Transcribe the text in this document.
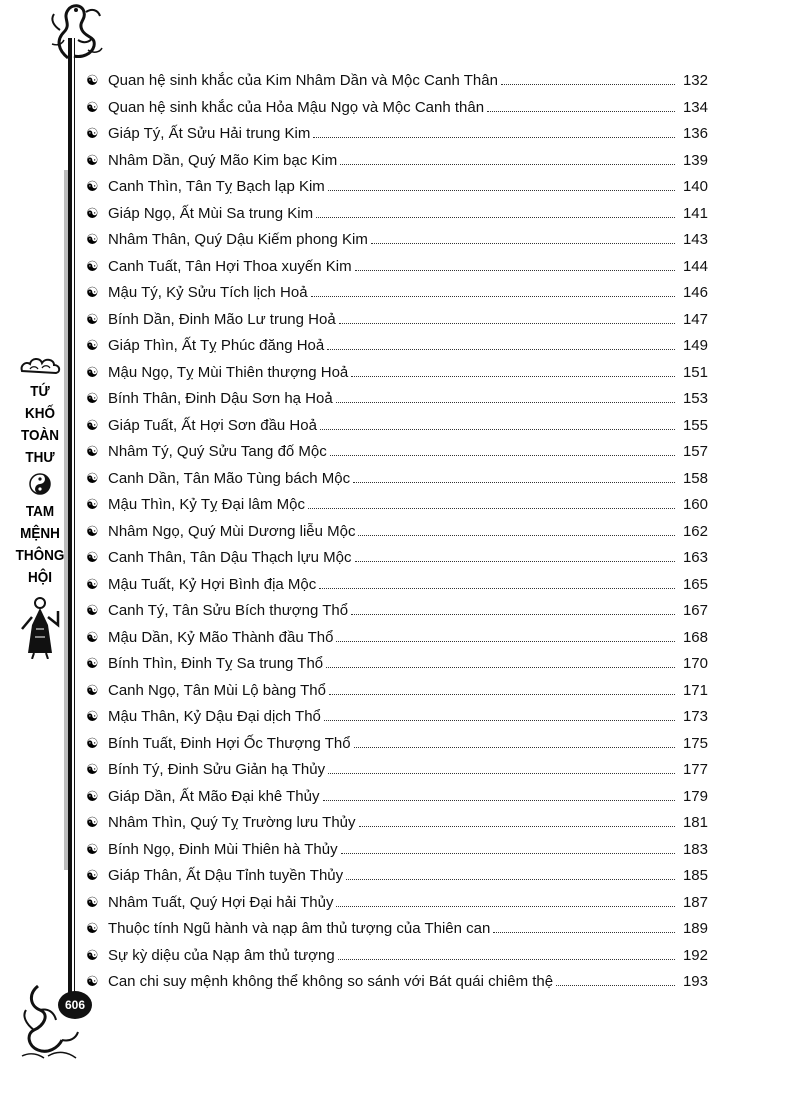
TỨ
KHỐ
TOÀN
THƯ
TAM
MỆNH
THÔNG
HỘI
606
☯ Quan hệ sinh khắc của Kim Nhâm Dần và Mộc Canh Thân	132
☯ Quan hệ sinh khắc của Hỏa Mậu Ngọ và Mộc Canh thân	134
☯ Giáp Tý, Ất Sửu Hải trung Kim	136
☯ Nhâm Dần, Quý Mão Kim bạc Kim	139
☯ Canh Thìn, Tân Tỵ Bạch lạp Kim	140
☯ Giáp Ngọ, Ất Mùi Sa trung Kim	141
☯ Nhâm Thân, Quý Dậu Kiếm phong Kim	143
☯ Canh Tuất, Tân Hợi Thoa xuyến Kim	144
☯ Mậu Tý, Kỷ Sửu Tích lịch Hoả	146
☯ Bính Dần, Đinh Mão Lư trung Hoả	147
☯ Giáp Thìn, Ất Tỵ Phúc đăng Hoả	149
☯ Mậu Ngọ, Tỵ Mùi Thiên thượng Hoả	151
☯ Bính Thân, Đinh Dậu Sơn hạ Hoả	153
☯ Giáp Tuất, Ất Hợi Sơn đầu Hoả	155
☯ Nhâm Tý, Quý Sửu Tang đố Mộc	157
☯ Canh Dần, Tân Mão Tùng bách Mộc	158
☯ Mậu Thìn, Kỷ Tỵ Đại lâm Mộc	160
☯ Nhâm Ngọ, Quý Mùi Dương liễu Mộc	162
☯ Canh Thân, Tân Dậu Thạch lựu Mộc	163
☯ Mậu Tuất, Kỷ Hợi Bình địa Mộc	165
☯ Canh Tý, Tân Sửu Bích thượng Thổ	167
☯ Mậu Dần, Kỷ Mão Thành đầu Thổ	168
☯ Bính Thìn, Đinh Tỵ Sa trung Thổ	170
☯ Canh Ngọ, Tân Mùi Lộ bàng Thổ	171
☯ Mậu Thân, Kỷ Dậu Đại dịch Thổ	173
☯ Bính Tuất, Đinh Hợi Ốc Thượng Thổ	175
☯ Bính Tý, Đinh Sửu Giản hạ Thủy	177
☯ Giáp Dần, Ất Mão Đại khê Thủy	179
☯ Nhâm Thìn, Quý Tỵ Trường lưu Thủy	181
☯ Bính Ngọ, Đinh Mùi Thiên hà Thủy	183
☯ Giáp Thân, Ất Dậu Tỉnh tuyền Thủy	185
☯ Nhâm Tuất, Quý Hợi Đại hải Thủy	187
☯ Thuộc tính Ngũ hành và nạp âm thủ tượng của Thiên can	189
☯ Sự kỳ diệu của Nạp âm thủ tượng	192
☯ Can chi suy mệnh không thể không so sánh với Bát quái chiêm thệ	193
